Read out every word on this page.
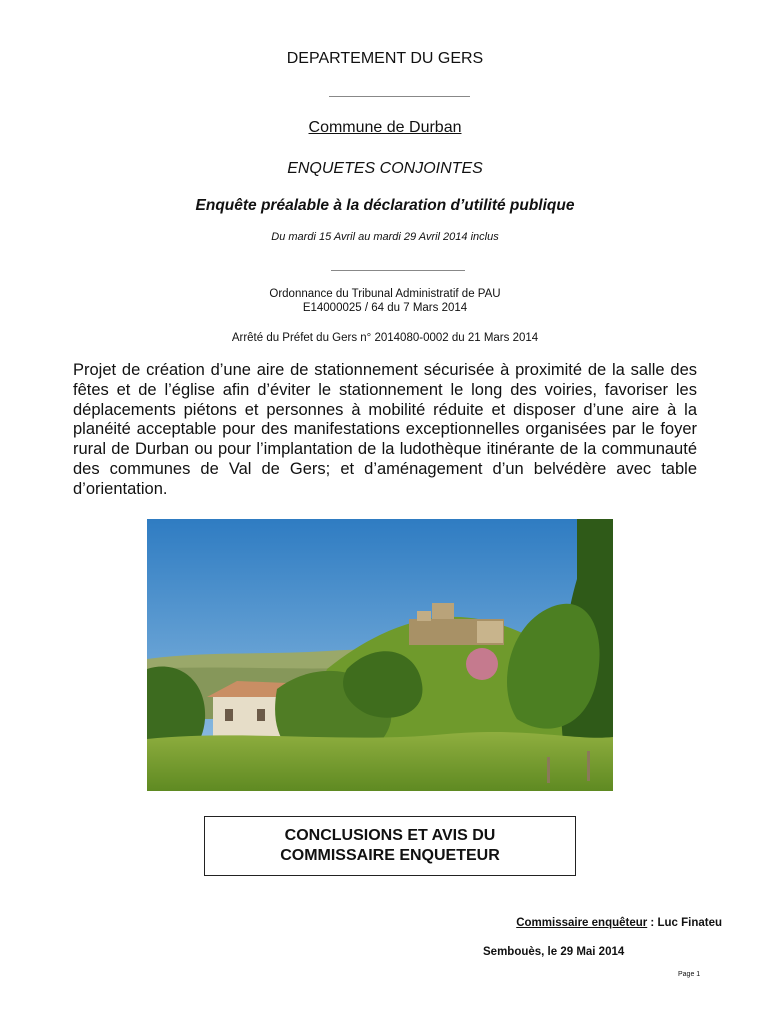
DEPARTEMENT DU GERS
Commune de Durban
ENQUETES CONJOINTES
Enquête préalable à la déclaration d’utilité publique
Du mardi 15 Avril au mardi 29 Avril 2014 inclus
Ordonnance du Tribunal Administratif de PAU
E14000025 / 64 du 7 Mars 2014
Arrêté du Préfet du Gers n° 2014080-0002 du 21 Mars 2014
Projet de création d’une aire de stationnement sécurisée à proximité de la salle des fêtes et de l’église afin d’éviter le stationnement le long des voiries, favoriser les déplacements piétons et personnes à mobilité réduite et disposer d’une aire à la planéité acceptable pour des manifestations exceptionnelles organisées par le foyer rural de Durban ou pour l’implantation de la ludothèque itinérante de la communauté des communes de Val de Gers; et d’aménagement d’un belvédère avec table d’orientation.
CONCLUSIONS ET AVIS DU
COMMISSAIRE ENQUETEUR
Commissaire enquêteur : Luc Finateu
Sembouès, le 29 Mai 2014
Page 1
